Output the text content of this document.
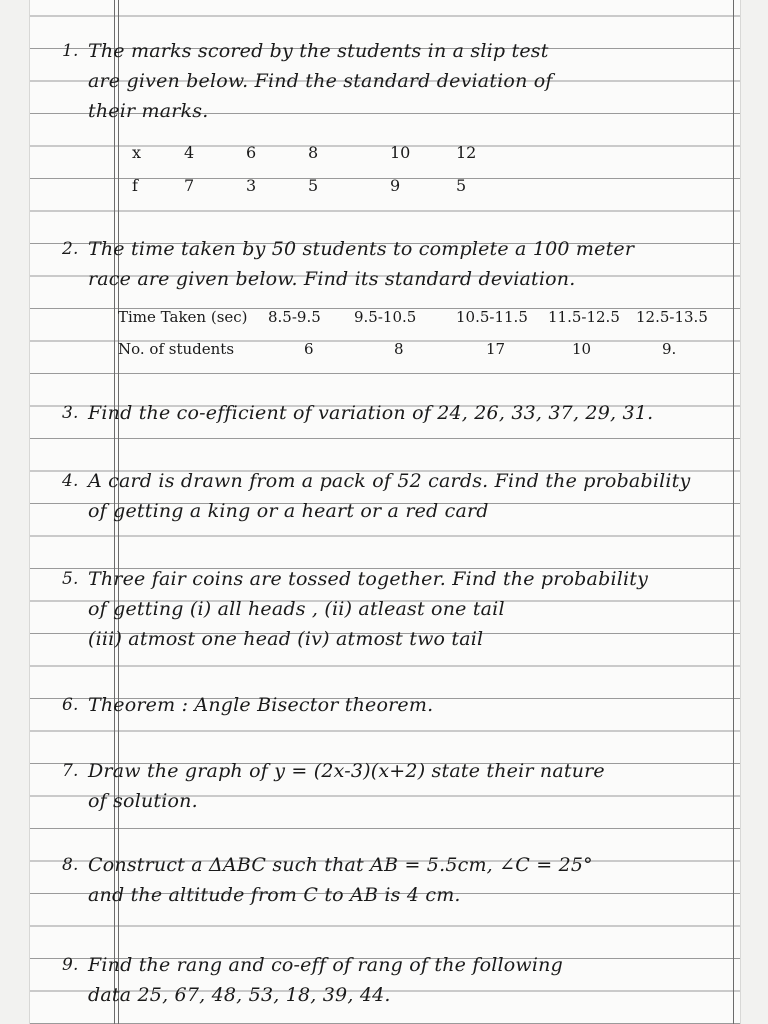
1. The marks scored by the students in a slip test
are given below. Find the standard deviation of
their marks.
x	4	6	8	10	12
f	7	3	5	9	5
2. The time taken by 50 students to complete a 100 meter
race are given below. Find its standard deviation.
Time Taken (sec) 8.5-9.5 9.5-10.5	10.5-11.5 11.5-12.5 12.5-13.5
No. of students	6	8	17	10	9.
3. Find the co-efficient of variation of 24, 26, 33, 37, 29, 31.
4. A card is drawn from a pack of 52 cards. Find the probability
of getting a king or a heart or a red card
5. Three fair coins are tossed together. Find the probability
of getting (i) all heads , (ii) atleast one tail
(iii) atmost one head (iv) atmost two tail
6. Theorem : Angle Bisector theorem.
7. Draw the graph of y = (2x-3)(x+2) state their nature
of solution.
8. Construct a ΔABC such that AB = 5.5cm, ∠C = 25°
and the altitude from C to AB is 4 cm.
9. Find the rang and co-eff of rang of the following
data 25, 67, 48, 53, 18, 39, 44.
